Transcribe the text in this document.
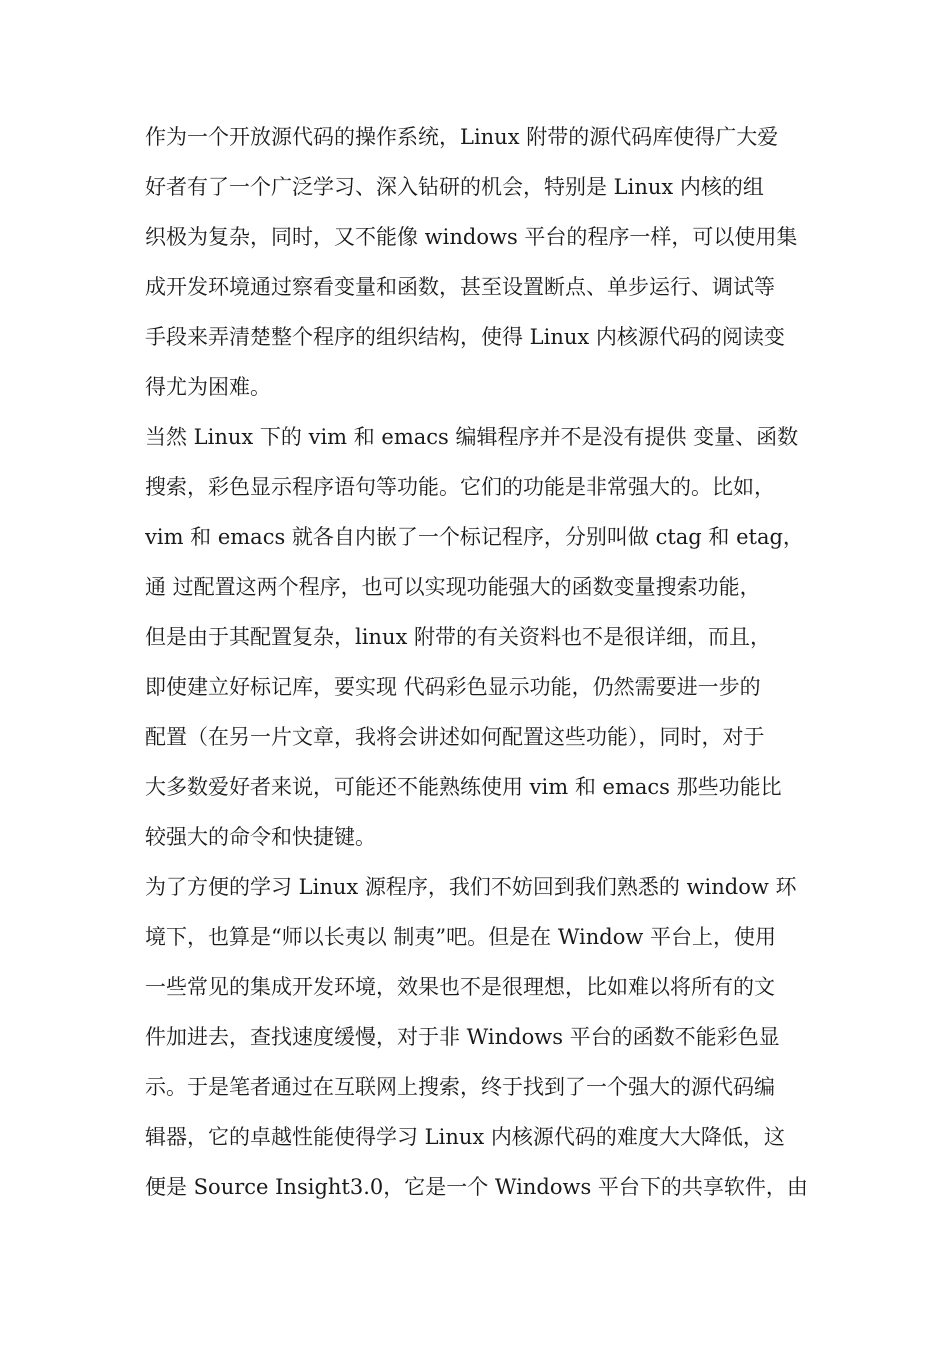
作为一个开放源代码的操作系统，Linux 附带的源代码库使得广大爱
好者有了一个广泛学习、深入钻研的机会，特别是 Linux 内核的组
织极为复杂，同时，又不能像 windows 平台的程序一样，可以使用集
成开发环境通过察看变量和函数，甚至设置断点、单步运行、调试等
手段来弄清楚整个程序的组织结构，使得 Linux 内核源代码的阅读变
得尤为困难。
当然 Linux 下的 vim 和 emacs 编辑程序并不是没有提供 变量、函数
搜索，彩色显示程序语句等功能。它们的功能是非常强大的。比如，
vim 和 emacs 就各自内嵌了一个标记程序，分别叫做 ctag 和 etag，
通 过配置这两个程序，也可以实现功能强大的函数变量搜索功能，
但是由于其配置复杂，linux 附带的有关资料也不是很详细，而且，
即使建立好标记库，要实现 代码彩色显示功能，仍然需要进一步的
配置（在另一片文章，我将会讲述如何配置这些功能），同时，对于
大多数爱好者来说，可能还不能熟练使用 vim 和 emacs 那些功能比
较强大的命令和快捷键。
为了方便的学习 Linux 源程序，我们不妨回到我们熟悉的 window 环
境下，也算是“师以长夷以 制夷”吧。但是在 Window 平台上，使用
一些常见的集成开发环境，效果也不是很理想，比如难以将所有的文
件加进去，查找速度缓慢，对于非 Windows 平台的函数不能彩色显
示。于是笔者通过在互联网上搜索，终于找到了一个强大的源代码编
辑器，它的卓越性能使得学习 Linux 内核源代码的难度大大降低，这
便是 Source Insight3.0，它是一个 Windows 平台下的共享软件，由
